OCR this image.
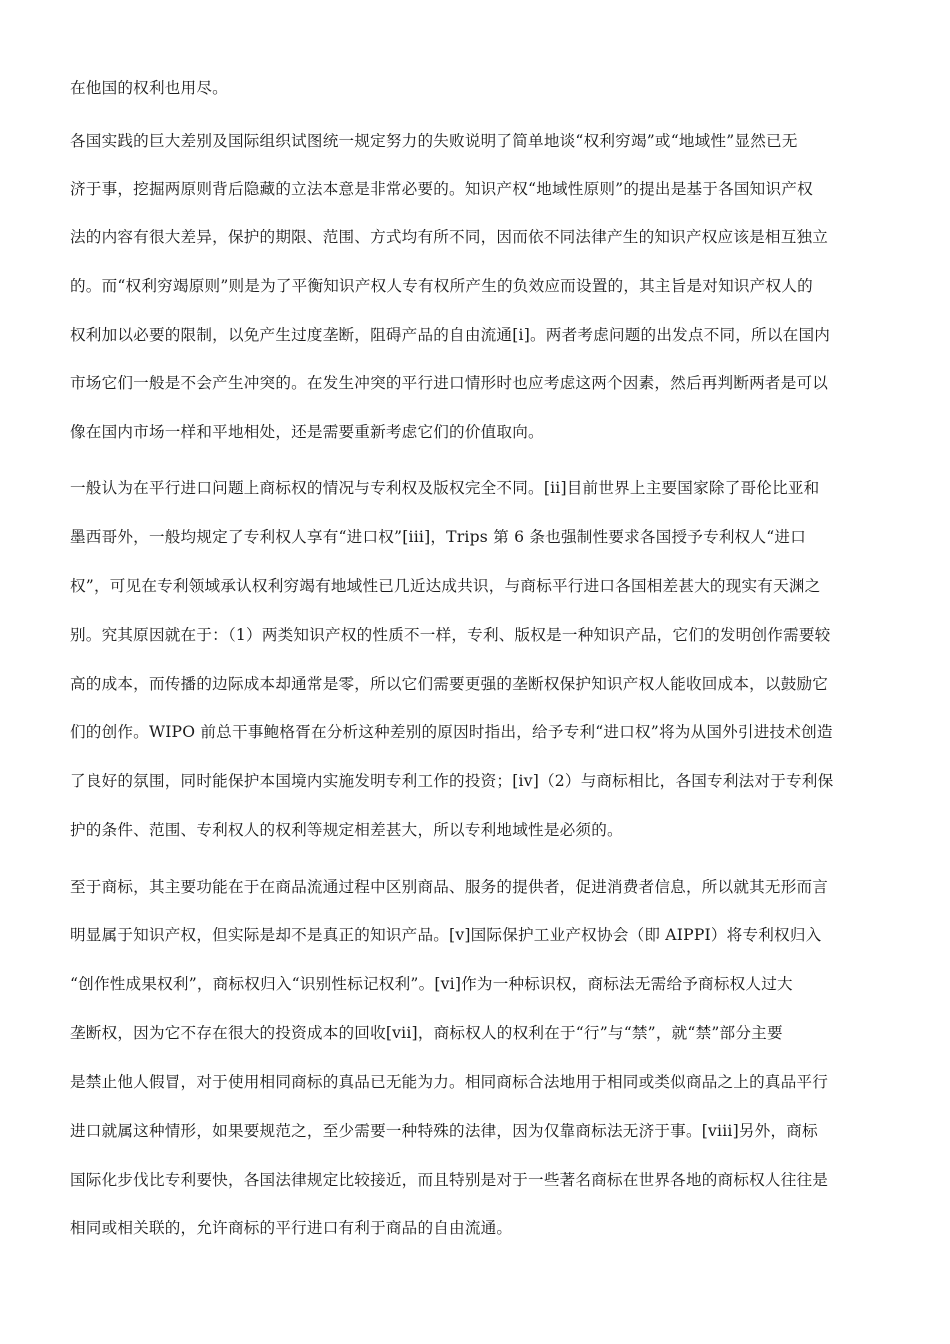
在他国的权利也用尽。

各国实践的巨大差别及国际组织试图统一规定努力的失败说明了简单地谈“权利穷竭”或“地域性”显然已无

济于事，挖掘两原则背后隐藏的立法本意是非常必要的。知识产权“地域性原则”的提出是基于各国知识产权

法的内容有很大差异，保护的期限、范围、方式均有所不同，因而依不同法律产生的知识产权应该是相互独立

的。而“权利穷竭原则”则是为了平衡知识产权人专有权所产生的负效应而设置的，其主旨是对知识产权人的

权利加以必要的限制，以免产生过度垄断，阻碍产品的自由流通[i]。两者考虑问题的出发点不同，所以在国内

市场它们一般是不会产生冲突的。在发生冲突的平行进口情形时也应考虑这两个因素，然后再判断两者是可以

像在国内市场一样和平地相处，还是需要重新考虑它们的价值取向。

一般认为在平行进口问题上商标权的情况与专利权及版权完全不同。[ii]目前世界上主要国家除了哥伦比亚和

墨西哥外，一般均规定了专利权人享有“进口权”[iii]，Trips 第 6 条也强制性要求各国授予专利权人“进口

权”，可见在专利领域承认权利穷竭有地域性已几近达成共识，与商标平行进口各国相差甚大的现实有天渊之

别。究其原因就在于：（1）两类知识产权的性质不一样，专利、版权是一种知识产品，它们的发明创作需要较

高的成本，而传播的边际成本却通常是零，所以它们需要更强的垄断权保护知识产权人能收回成本，以鼓励它

们的创作。WIPO 前总干事鲍格胥在分析这种差别的原因时指出，给予专利“进口权”将为从国外引进技术创造

了良好的氛围，同时能保护本国境内实施发明专利工作的投资；[iv]（2）与商标相比，各国专利法对于专利保

护的条件、范围、专利权人的权利等规定相差甚大，所以专利地域性是必须的。

至于商标，其主要功能在于在商品流通过程中区别商品、服务的提供者，促进消费者信息，所以就其无形而言

明显属于知识产权，但实际是却不是真正的知识产品。[v]国际保护工业产权协会（即 AIPPI）将专利权归入

“创作性成果权利”，商标权归入“识别性标记权利”。[vi]作为一种标识权，商标法无需给予商标权人过大

垄断权，因为它不存在很大的投资成本的回收[vii]，商标权人的权利在于“行”与“禁”，就“禁”部分主要

是禁止他人假冒，对于使用相同商标的真品已无能为力。相同商标合法地用于相同或类似商品之上的真品平行

进口就属这种情形，如果要规范之，至少需要一种特殊的法律，因为仅靠商标法无济于事。[viii]另外，商标

国际化步伐比专利要快，各国法律规定比较接近，而且特别是对于一些著名商标在世界各地的商标权人往往是

相同或相关联的，允许商标的平行进口有利于商品的自由流通。
